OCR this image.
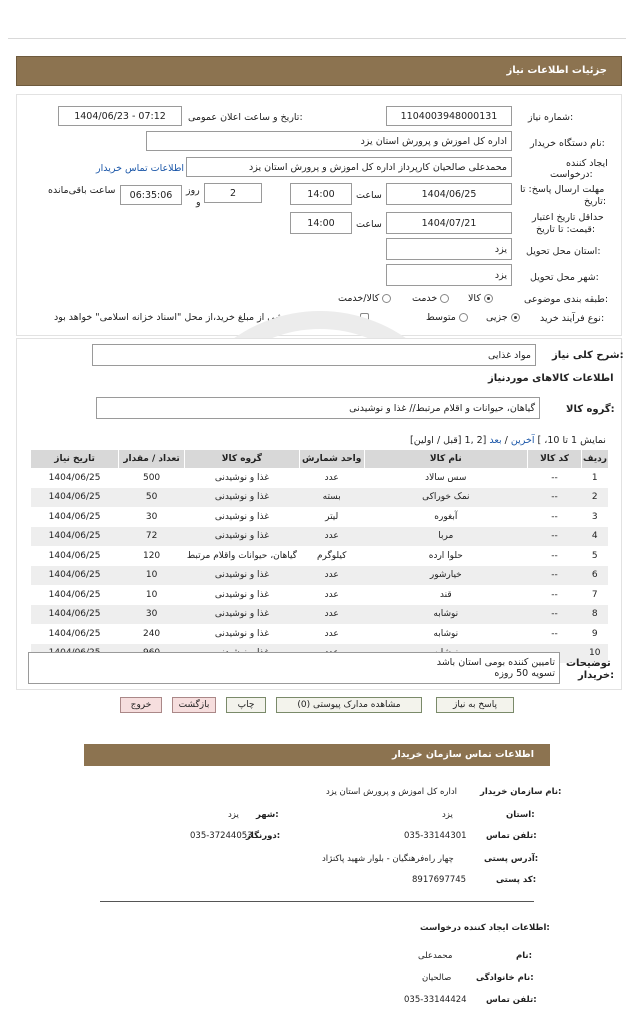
جزئیات اطلاعات نیاز
شماره نیاز:
1104003948000131
تاریخ و ساعت اعلان عمومی:
1404/06/23 - 07:12
نام دستگاه خریدار:
اداره کل اموزش و پرورش استان یزد
ایجاد کننده
درخواست:
محمدعلی صالحیان کارپرداز اداره کل اموزش و پرورش استان یزد
اطلاعات تماس خریدار
مهلت ارسال پاسخ: تا
تاریخ:
1404/06/25
ساعت
14:00
2
روز
و
06:35:06
ساعت باقی‌مانده
حداقل تاریخ اعتبار
قیمت: تا تاریخ:
1404/07/21
ساعت
14:00
استان محل تحویل:
یزد
شهر محل تحویل:
یزد
طبقه بندی موضوعی:
کالا
خدمت
کالا/خدمت
نوع فرآیند خرید:
جزیی
متوسط
پرداخت تمام یا بخشی از مبلغ خرید،از محل "اسناد خزانه اسلامی" خواهد بود.
شرح کلی نیاز:
مواد غذایی
اطلاعات کالاهای موردنیاز
گروه کالا:
گیاهان، حیوانات و اقلام مرتبط// غذا و نوشیدنی
نمایش 1 تا 10، ] آخرین / بعد [2 ,1 [قبل / اولین]
ردیف	کد کالا	نام کالا	واحد شمارش	گروه کالا	تعداد / مقدار	تاریخ نیاز
1	--	سس سالاد	عدد	غذا و نوشیدنی	500	1404/06/25
2	--	نمک خوراکی	بسته	غذا و نوشیدنی	50	1404/06/25
3	--	آبغوره	لیتر	غذا و نوشیدنی	30	1404/06/25
4	--	مربا	عدد	غذا و نوشیدنی	72	1404/06/25
5	--	حلوا ارده	کیلوگرم	گیاهان، حیوانات واقلام مرتبط	120	1404/06/25
6	--	خیارشور	عدد	غذا و نوشیدنی	10	1404/06/25
7	--	قند	عدد	غذا و نوشیدنی	10	1404/06/25
8	--	نوشابه	عدد	غذا و نوشیدنی	30	1404/06/25
9	--	نوشابه	عدد	غذا و نوشیدنی	240	1404/06/25
10						
توضیحات
خریدار:
تامیین کننده بومی استان باشد
تسویه 50 روزه
پاسخ به نیاز
مشاهده مدارک پیوستی (0)
چاپ
بازگشت
خروج
اطلاعات تماس سازمان خریدار
نام سازمان خریدار:
اداره کل اموزش و پرورش استان یزد
استان:
یزد
شهر:
یزد
تلفن تماس:
035-33144301
دورنگار:
035-37244053
آدرس پستی:
چهار راه‌فرهنگیان - بلوار شهید پاکنژاد
کد پستی:
8917697745
اطلاعات ایجاد کننده درخواست:
نام:
محمدعلی
نام خانوادگی:
صالحیان
تلفن تماس:
035-33144424
